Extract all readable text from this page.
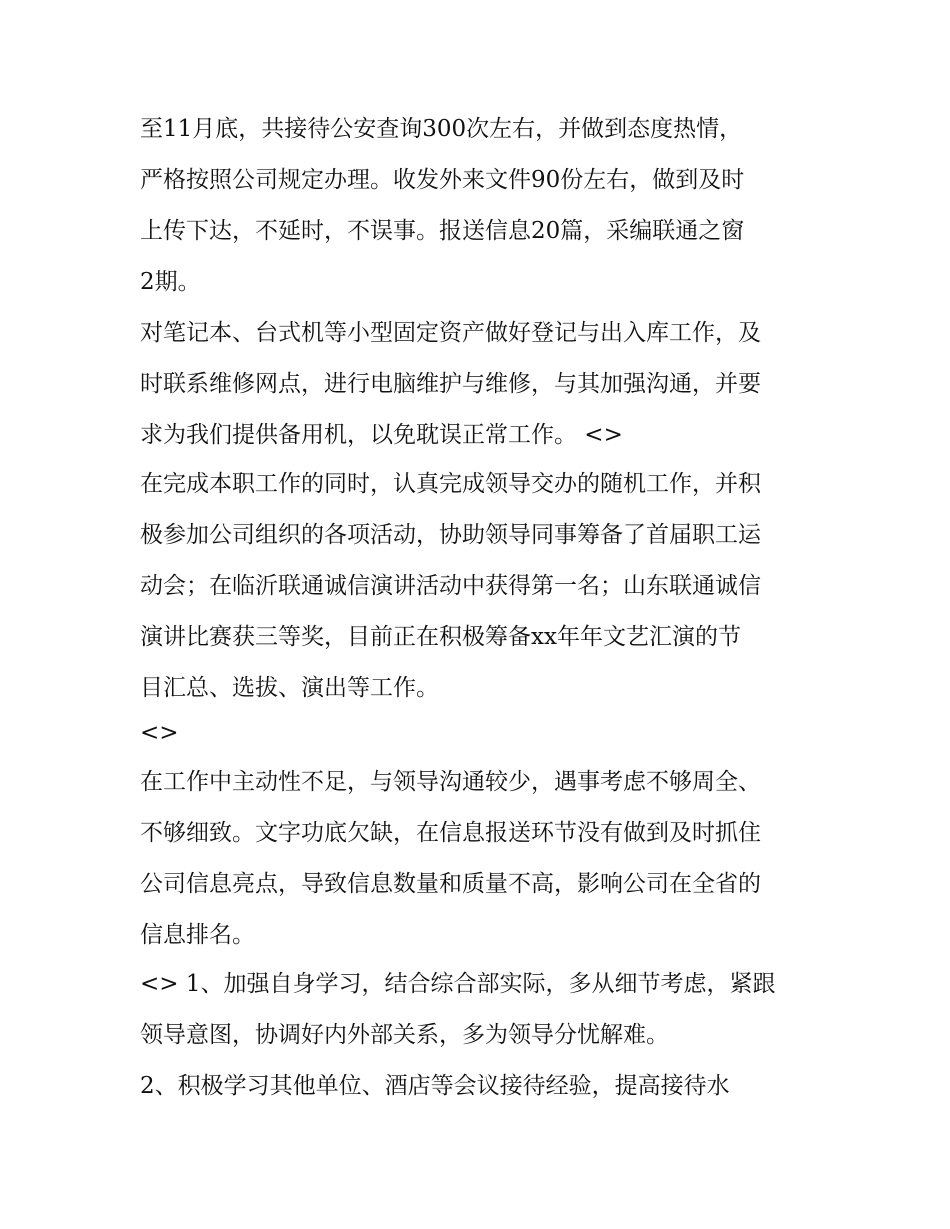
至11月底，共接待公安查询300次左右，并做到态度热情，

严格按照公司规定办理。收发外来文件90份左右，做到及时

上传下达，不延时，不误事。报送信息20篇，采编联通之窗

2期。

对笔记本、台式机等小型固定资产做好登记与出入库工作，及

时联系维修网点，进行电脑维护与维修，与其加强沟通，并要

求为我们提供备用机，以免耽误正常工作。 <>

在完成本职工作的同时，认真完成领导交办的随机工作，并积

极参加公司组织的各项活动，协助领导同事筹备了首届职工运

动会；在临沂联通诚信演讲活动中获得第一名；山东联通诚信

演讲比赛获三等奖，目前正在积极筹备xx年年文艺汇演的节

目汇总、选拔、演出等工作。

<>

在工作中主动性不足，与领导沟通较少，遇事考虑不够周全、

不够细致。文字功底欠缺，在信息报送环节没有做到及时抓住

公司信息亮点，导致信息数量和质量不高，影响公司在全省的

信息排名。

<> 1、加强自身学习，结合综合部实际，多从细节考虑，紧跟

领导意图，协调好内外部关系，多为领导分忧解难。

2、积极学习其他单位、酒店等会议接待经验，提高接待水
